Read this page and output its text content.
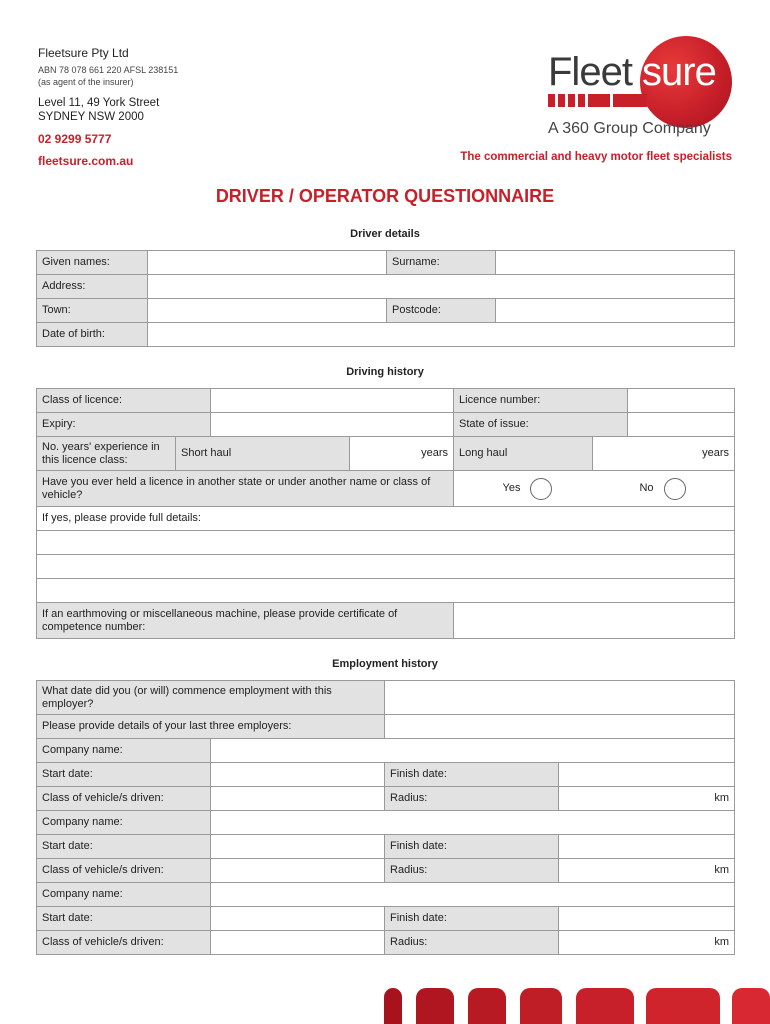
Fleetsure Pty Ltd
ABN 78 078 661 220 AFSL 238151
(as agent of the insurer)
Level 11, 49 York Street
SYDNEY NSW 2000
02 9299 5777
fleetsure.com.au
Fleet sure
A 360 Group Company
The commercial and heavy motor fleet specialists
DRIVER / OPERATOR QUESTIONNAIRE
Driver details
Given names:		Surname:	
Address:			
Town:		Postcode:	
Date of birth:			
Driving history
Class of licence:				Licence number:		
Expiry:				State of issue:		
No. years' experience in this licence class:	Short haul		years	Long haul	years	
Have you ever held a licence in another state or under another name or class of vehicle?				Yes No		

If yes, please provide full details:						

If an earthmoving or miscellaneous machine, please provide certificate of competence number:						
Employment history
What date did you (or will) commence employment with this employer?			
Please provide details of your last three employers:			
Company name:			
Start date:		Finish date:	
Class of vehicle/s driven:		Radius:	km
Company name:			
Start date:		Finish date:	
Class of vehicle/s driven:		Radius:	km
Company name:			
Start date:		Finish date:	
Class of vehicle/s driven:		Radius:	km
